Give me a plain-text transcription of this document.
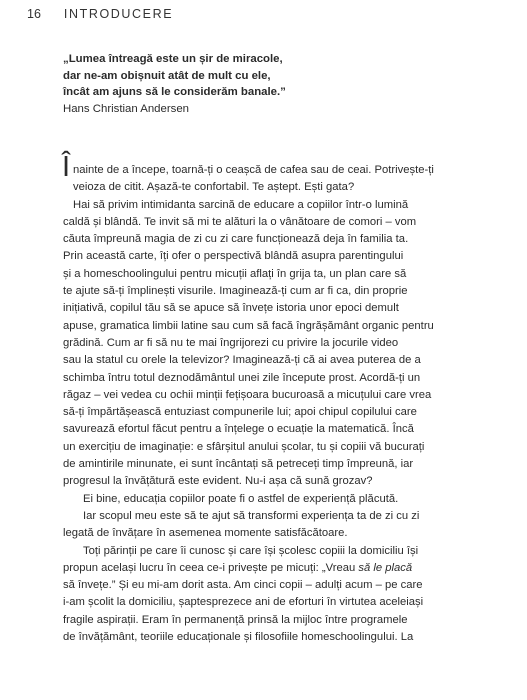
16 INTRODUCERE
„Lumea întreagă este un șir de miracole,
dar ne-am obișnuit atât de mult cu ele,
încât am ajuns să le considerăm banale.”
Hans Christian Andersen
Î nainte de a începe, toarnă-ți o ceașcă de cafea sau de ceai. Potrivește-ți
veioza de citit. Așază-te confortabil. Te aștept. Ești gata?
Hai să privim intimidanta sarcină de educare a copiilor într-o lumină
caldă și blândă. Te invit să mi te alături la o vânătoare de comori – vom
căuta împreună magia de zi cu zi care funcționează deja în familia ta.
Prin această carte, îți ofer o perspectivă blândă asupra parentingului
și a homeschoolingului pentru micuții aflați în grija ta, un plan care să
te ajute să-ți împlinești visurile. Imaginează-ți cum ar fi ca, din proprie
inițiativă, copilul tău să se apuce să învețe istoria unor epoci demult
apuse, gramatica limbii latine sau cum să facă îngrășământ organic pentru
grădină. Cum ar fi să nu te mai îngrijorezi cu privire la jocurile video
sau la statul cu orele la televizor? Imaginează-ți că ai avea puterea de a
schimba întru totul deznodământul unei zile începute prost. Acordă-ți un
răgaz – vei vedea cu ochii minții fețișoara bucuroasă a micuțului care vrea
să-ți împărtășească entuziast compunerile lui; apoi chipul copilului care
savurează efortul făcut pentru a înțelege o ecuație la matematică. Încă
un exercițiu de imaginație: e sfârșitul anului școlar, tu și copiii vă bucurați
de amintirile minunate, ei sunt încântați să petreceți timp împreună, iar
progresul la învățătură este evident. Nu-i așa că sună grozav?
Ei bine, educația copiilor poate fi o astfel de experiență plăcută.
Iar scopul meu este să te ajut să transformi experiența ta de zi cu zi
legată de învățare în asemenea momente satisfăcătoare.
Toți părinții pe care îi cunosc și care își școlesc copiii la domiciliu își
propun același lucru în ceea ce-i privește pe micuți: „Vreau să le placă
să învețe.” Și eu mi-am dorit asta. Am cinci copii – adulți acum – pe care
i-am școlit la domiciliu, șaptesprezece ani de eforturi în virtutea aceleiași
fragile aspirații. Eram în permanență prinsă la mijloc între programele
de învățământ, teoriile educaționale și filosofiile homeschoolingului. La
